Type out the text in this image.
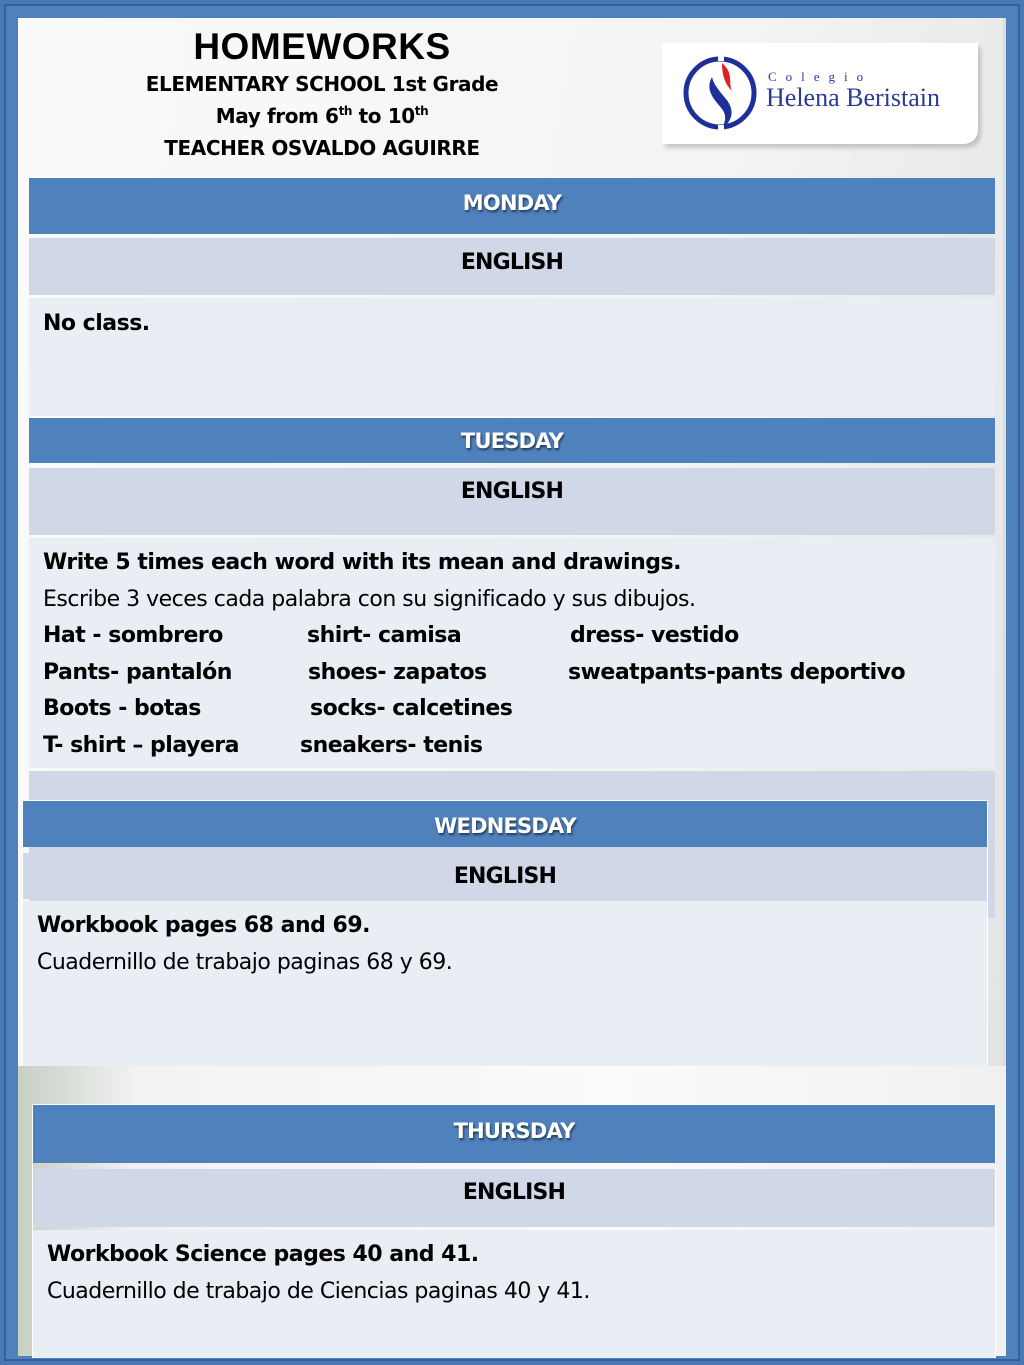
HOMEWORKS
ELEMENTARY SCHOOL 1st Grade
May from 6th to 10th
TEACHER OSVALDO AGUIRRE
Colegio
Helena Beristain
MONDAY
ENGLISH
No class.
TUESDAY
ENGLISH
Write 5 times each word with its mean and drawings.
Escribe 3 veces cada palabra con su significado y sus dibujos.
Hat - sombrero	shirt- camisa	dress- vestido
Pants- pantalón	shoes- zapatos	sweatpants-pants deportivo
Boots - botas	socks- calcetines
T- shirt – playera	sneakers- tenis
WEDNESDAY
ENGLISH
Workbook pages 68 and 69.
Cuadernillo de trabajo paginas 68 y 69.
THURSDAY
ENGLISH
Workbook Science pages 40 and 41.
Cuadernillo de trabajo de Ciencias paginas 40 y 41.
